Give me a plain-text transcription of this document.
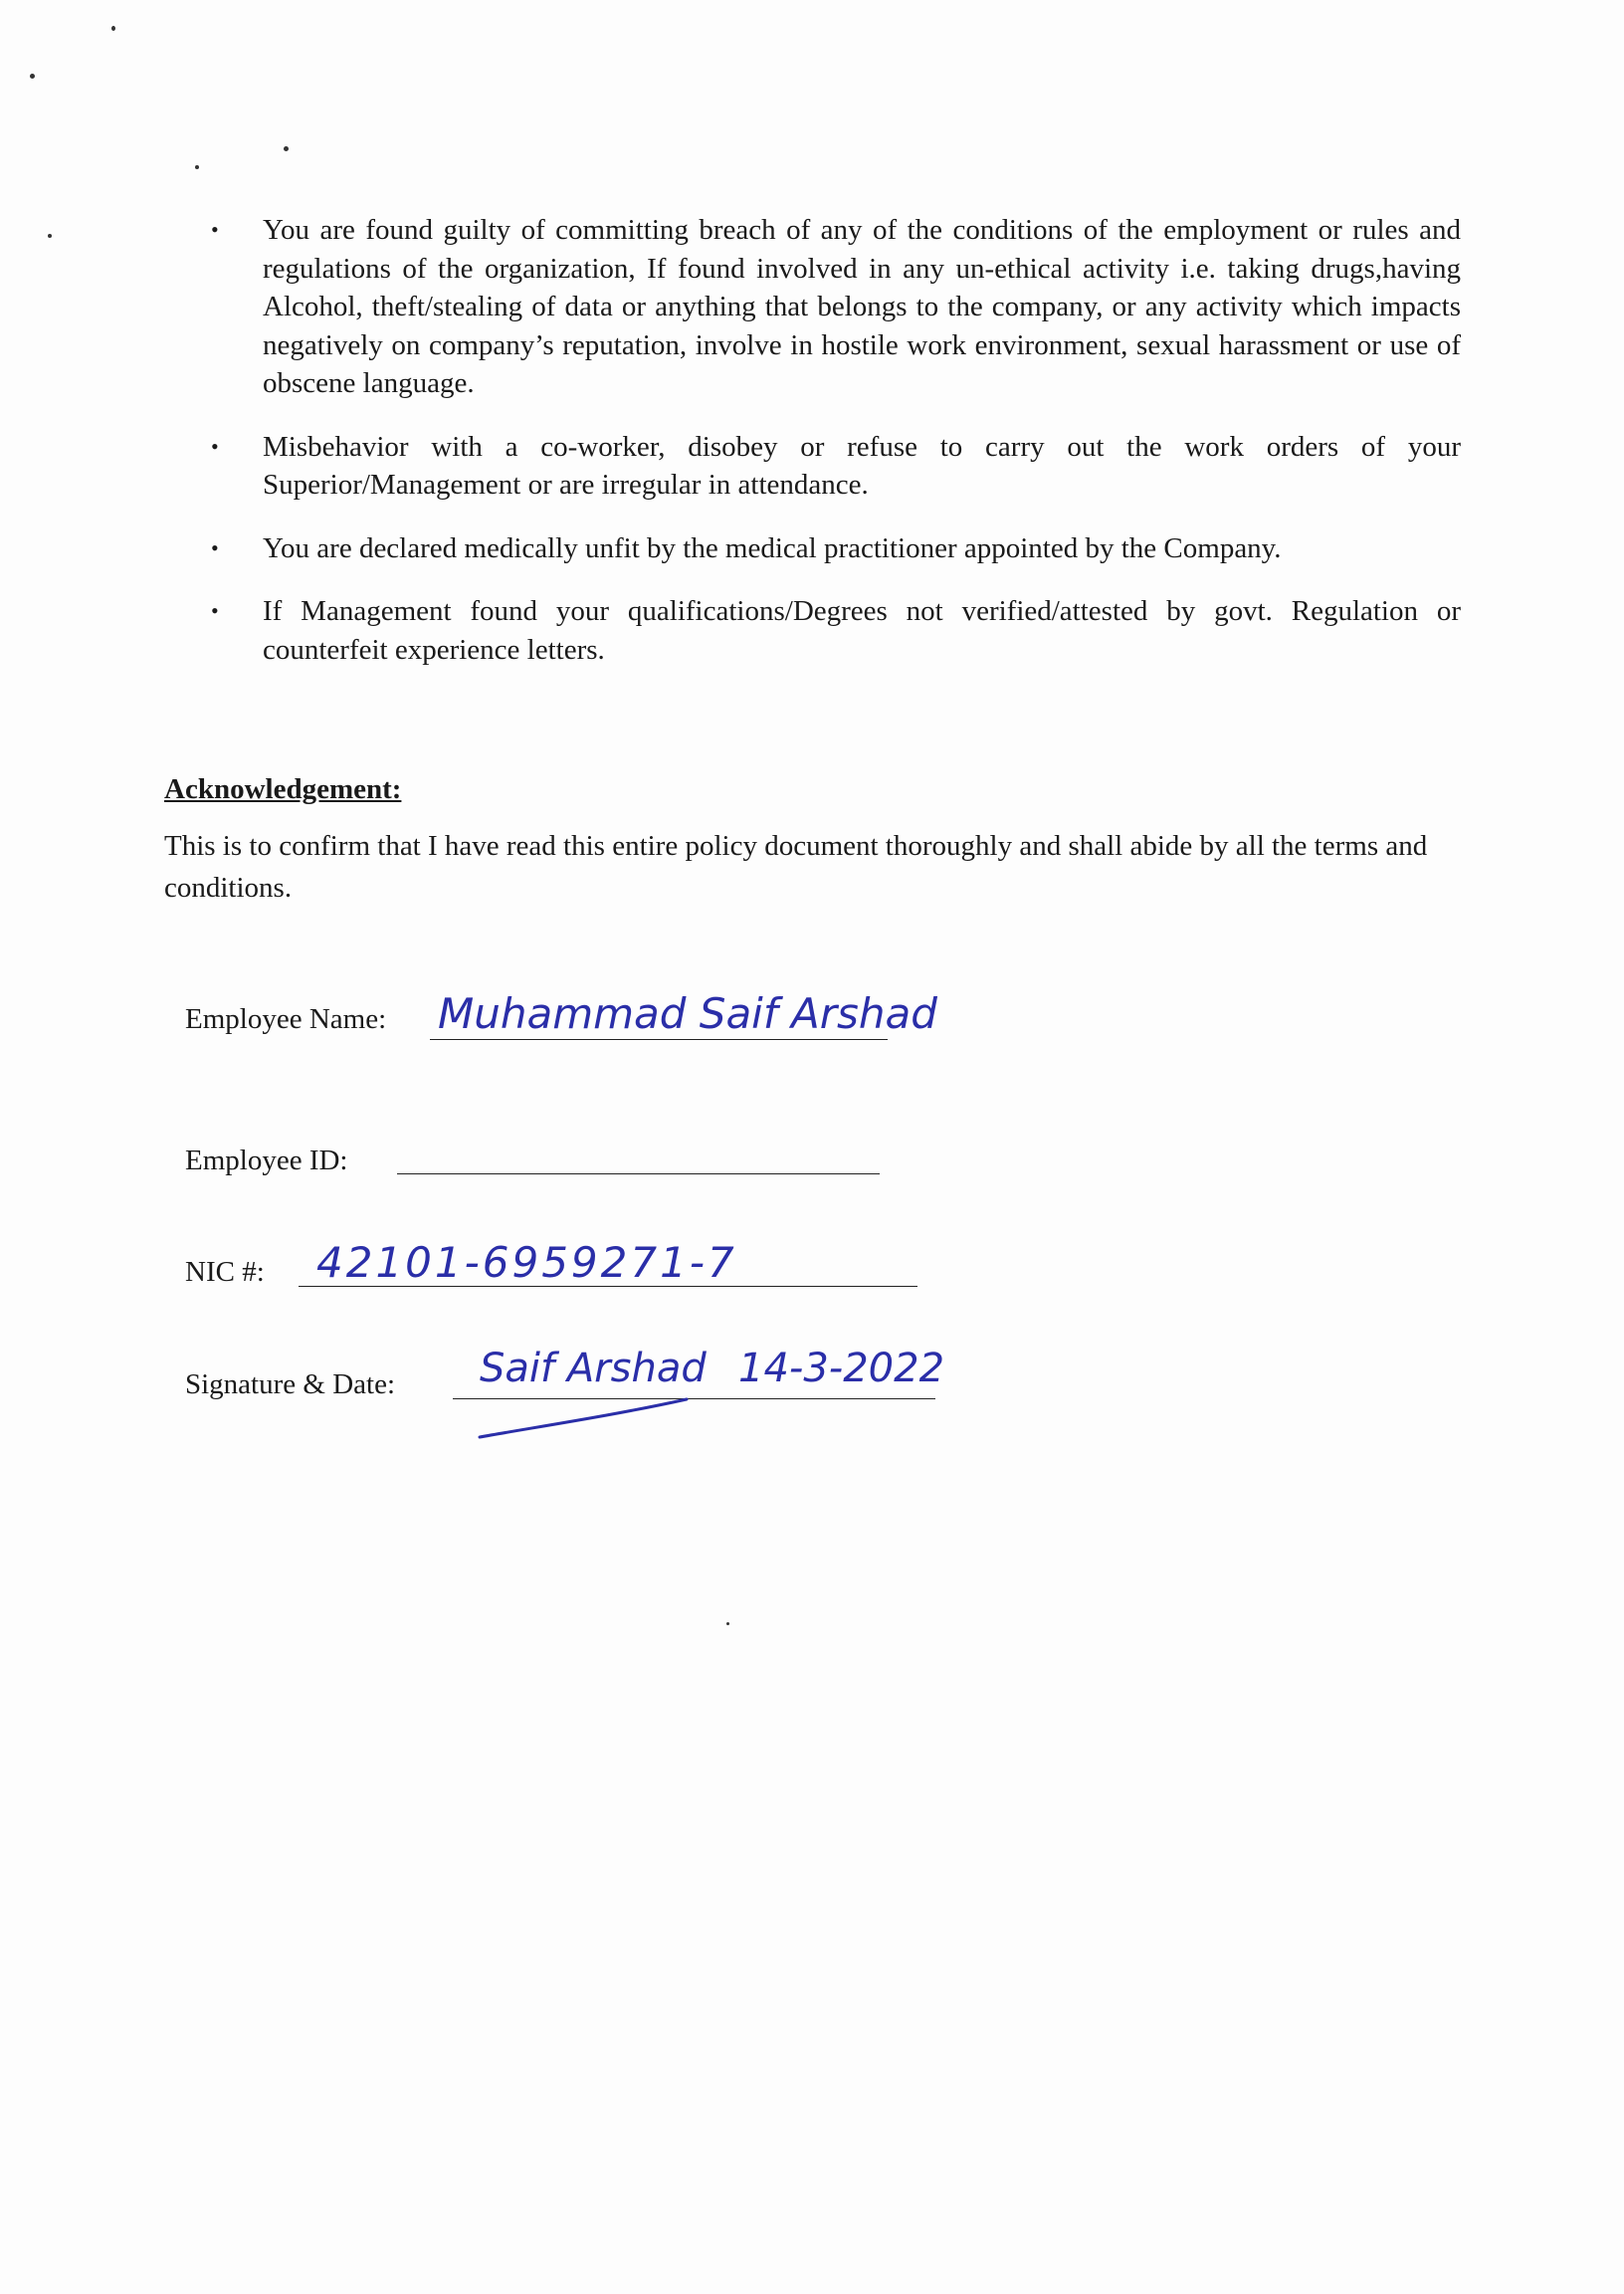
• You are found guilty of committing breach of any of the conditions of the employment or rules and regulations of the organization, If found involved in any un-ethical activity i.e. taking drugs,having Alcohol, theft/stealing of data or anything that belongs to the company, or any activity which impacts negatively on company’s reputation, involve in hostile work environment, sexual harassment or use of obscene language.
• Misbehavior with a co-worker, disobey or refuse to carry out the work orders of your Superior/Management or are irregular in attendance.
• You are declared medically unfit by the medical practitioner appointed by the Company.
• If Management found your qualifications/Degrees not verified/attested by govt. Regulation or counterfeit experience letters.
Acknowledgement:

This is to confirm that I have read this entire policy document thoroughly and shall abide by all the terms and conditions.

Employee Name: Muhammad Saif Arshad
Employee ID:
NIC #: 42101-6959271-7
Signature & Date: Saif Arshad 14-3-2022
